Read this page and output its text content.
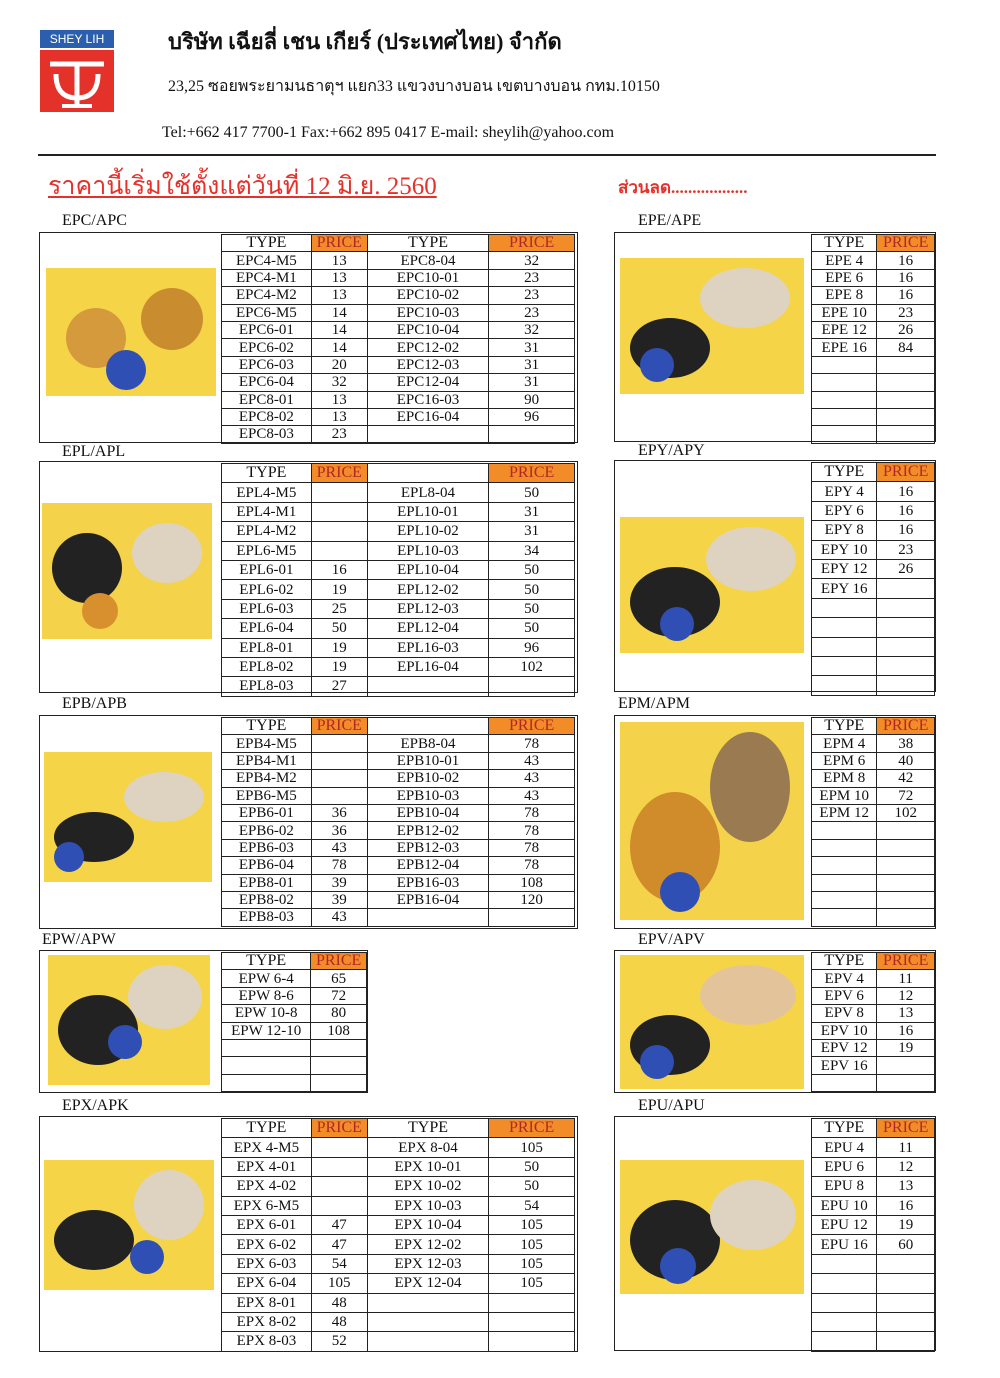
SHEY LIH	บริษัท เฉียลี่ เชน เกียร์ (ประเทศไทย) จำกัด
23,25 ซอยพระยามนธาตุฯ แยก33 แขวงบางบอน เขตบางบอน กทม.10150
Tel:+662 417 7700-1 Fax:+662 895 0417 E-mail: sheylih@yahoo.com
ราคานี้เริ่มใช้ตั้งแต่วันที่ 12 มิ.ย. 2560	ส่วนลด..................
EPC/APC
EPL/APL
EPB/APB
EPW/APW
EPX/APK
EPE/APE
EPY/APY
EPM/APM
EPV/APV
EPU/APU
TYPE	PRICE	TYPE	PRICE
EPC4-M5	13	EPC8-04	32
EPC4-M1	13	EPC10-01	23
EPC4-M2	13	EPC10-02	23
EPC6-M5	14	EPC10-03	23
EPC6-01	14	EPC10-04	32
EPC6-02	14	EPC12-02	31
EPC6-03	20	EPC12-03	31
EPC6-04	32	EPC12-04	31
EPC8-01	13	EPC16-03	90
EPC8-02	13	EPC16-04	96
EPC8-03	23		
TYPE	PRICE		PRICE
EPL4-M5		EPL8-04	50
EPL4-M1		EPL10-01	31
EPL4-M2		EPL10-02	31
EPL6-M5		EPL10-03	34
EPL6-01	16	EPL10-04	50
EPL6-02	19	EPL12-02	50
EPL6-03	25	EPL12-03	50
EPL6-04	50	EPL12-04	50
EPL8-01	19	EPL16-03	96
EPL8-02	19	EPL16-04	102
EPL8-03	27		
TYPE	PRICE		PRICE
EPB4-M5		EPB8-04	78
EPB4-M1		EPB10-01	43
EPB4-M2		EPB10-02	43
EPB6-M5		EPB10-03	43
EPB6-01	36	EPB10-04	78
EPB6-02	36	EPB12-02	78
EPB6-03	43	EPB12-03	78
EPB6-04	78	EPB12-04	78
EPB8-01	39	EPB16-03	108
EPB8-02	39	EPB16-04	120
EPB8-03	43		
TYPE	PRICE	TYPE	PRICE
EPX 4-M5		EPX 8-04	105
EPX 4-01		EPX 10-01	50
EPX 4-02		EPX 10-02	50
EPX 6-M5		EPX 10-03	54
EPX 6-01	47	EPX 10-04	105
EPX 6-02	47	EPX 12-02	105
EPX 6-03	54	EPX 12-03	105
EPX 6-04	105	EPX 12-04	105
EPX 8-01	48		
EPX 8-02	48		
EPX 8-03	52		
TYPE	PRICE
EPW 6-4	65
EPW 8-6	72
EPW 10-8	80
EPW 12-10	108

TYPE	PRICE
EPE 4	16
EPE 6	16
EPE 8	16
EPE 10	23
EPE 12	26
EPE 16	84

TYPE	PRICE
EPY 4	16
EPY 6	16
EPY 8	16
EPY 10	23
EPY 12	26
EPY 16	

TYPE	PRICE
EPM 4	38
EPM 6	40
EPM 8	42
EPM 10	72
EPM 12	102

TYPE	PRICE
EPV 4	11
EPV 6	12
EPV 8	13
EPV 10	16
EPV 12	19
EPV 16	

TYPE	PRICE
EPU 4	11
EPU 6	12
EPU 8	13
EPU 10	16
EPU 12	19
EPU 16	60
